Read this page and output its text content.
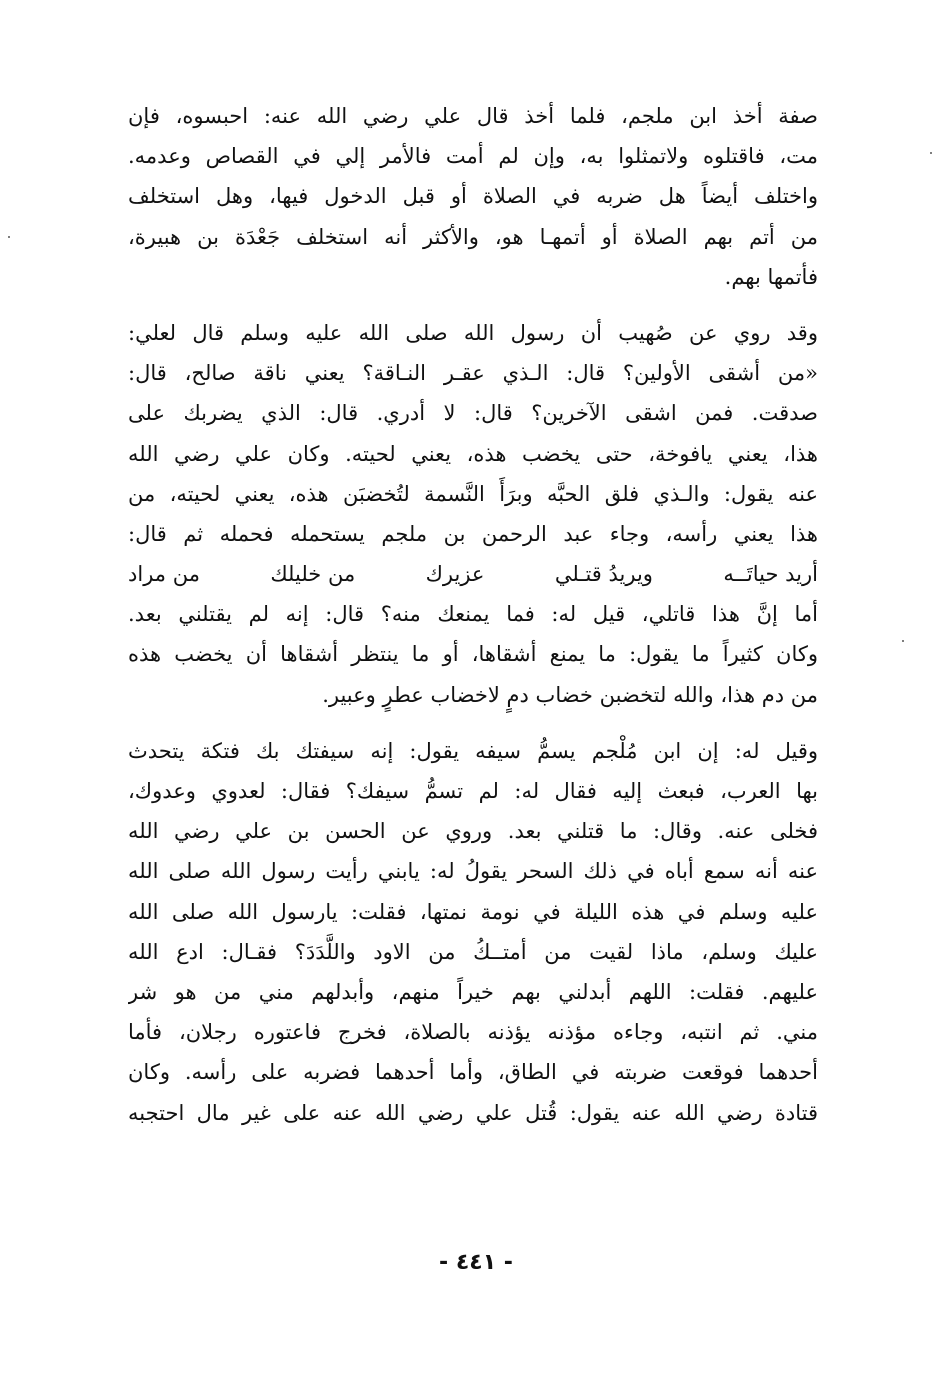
صفة أخذ ابن ملجم، فلما أخذ قال علي رضي الله عنه: احبسوه، فإن
مت، فاقتلوه ولاتمثلوا به، وإن لم أمت فالأمر إلي في القصاص وعدمه.
واختلف أيضاً هل ضربه في الصلاة أو قبل الدخول فيها، وهل استخلف
من أتم بهم الصلاة أو أتمهـا هو، والأكثر أنه استخلف جَعْدَة بن هبيرة،
فأتمها بهم.
وقد روي عن صُهيب أن رسول الله صلى الله عليه وسلم قال لعلي:
«من أشقى الأولين؟ قال: الـذي عقـر النـاقة؟ يعني ناقة صالح، قال:
صدقت. فمن اشقى الآخرين؟ قال: لا أدري. قال: الذي يضربك على
هذا، يعني يافوخة، حتى يخضب هذه، يعني لحيته. وكان علي رضي الله
عنه يقول: والـذي فلق الحبَّه وبرَأَ النَّسمة لتُخضبَن هذه، يعني لحيته، من
هذا يعني رأسه، وجاء عبد الرحمن بن ملجم يستحمله فحمله ثم قال:
أريد حياتَــه
ويريدُ قتـلي
عزيرك
من خليلك
من مراد
أما إنَّ هذا قاتلي، قيل له: فما يمنعك منه؟ قال: إنه لم يقتلني بعد.
وكان كثيراً ما يقول: ما يمنع أشقاها، أو ما ينتظر أشقاها أن يخضب هذه
من دم هذا، والله لتخضبن خضاب دمٍ لاخضاب عطرٍ وعبير.
وقيل له: إن ابن مُلْجم يسمُّ سيفه يقول: إنه سيفتك بك فتكة يتحدث
بها العرب، فبعث إليه فقال له: لم تسمُّ سيفك؟ فقال: لعدوي وعدوك،
فخلى عنه. وقال: ما قتلني بعد. وروي عن الحسن بن علي رضي الله
عنه أنه سمع أباه في ذلك السحر يقولُ له: يابني رأيت رسول الله صلى الله
عليه وسلم في هذه الليلة في نومة نمتها، فقلت: يارسول الله صلى الله
عليك وسلم، ماذا لقيت من أمتــكُ من الاود واللَّدَدَ؟ فقـال: ادع الله
عليهم. فقلت: اللهم أبدلني بهم خيراً منهم، وأبدلهم مني من هو شر
مني. ثم انتبه، وجاءه مؤذنه يؤذنه بالصلاة، فخرج فاعتوره رجلان، فأما
أحدهما فوقعت ضربته في الطاق، وأما أحدهما فضربه على رأسه. وكان
قتادة رضي الله عنه يقول: قُتل علي رضي الله عنه على غير مال احتجبه
- ٤٤١ -
